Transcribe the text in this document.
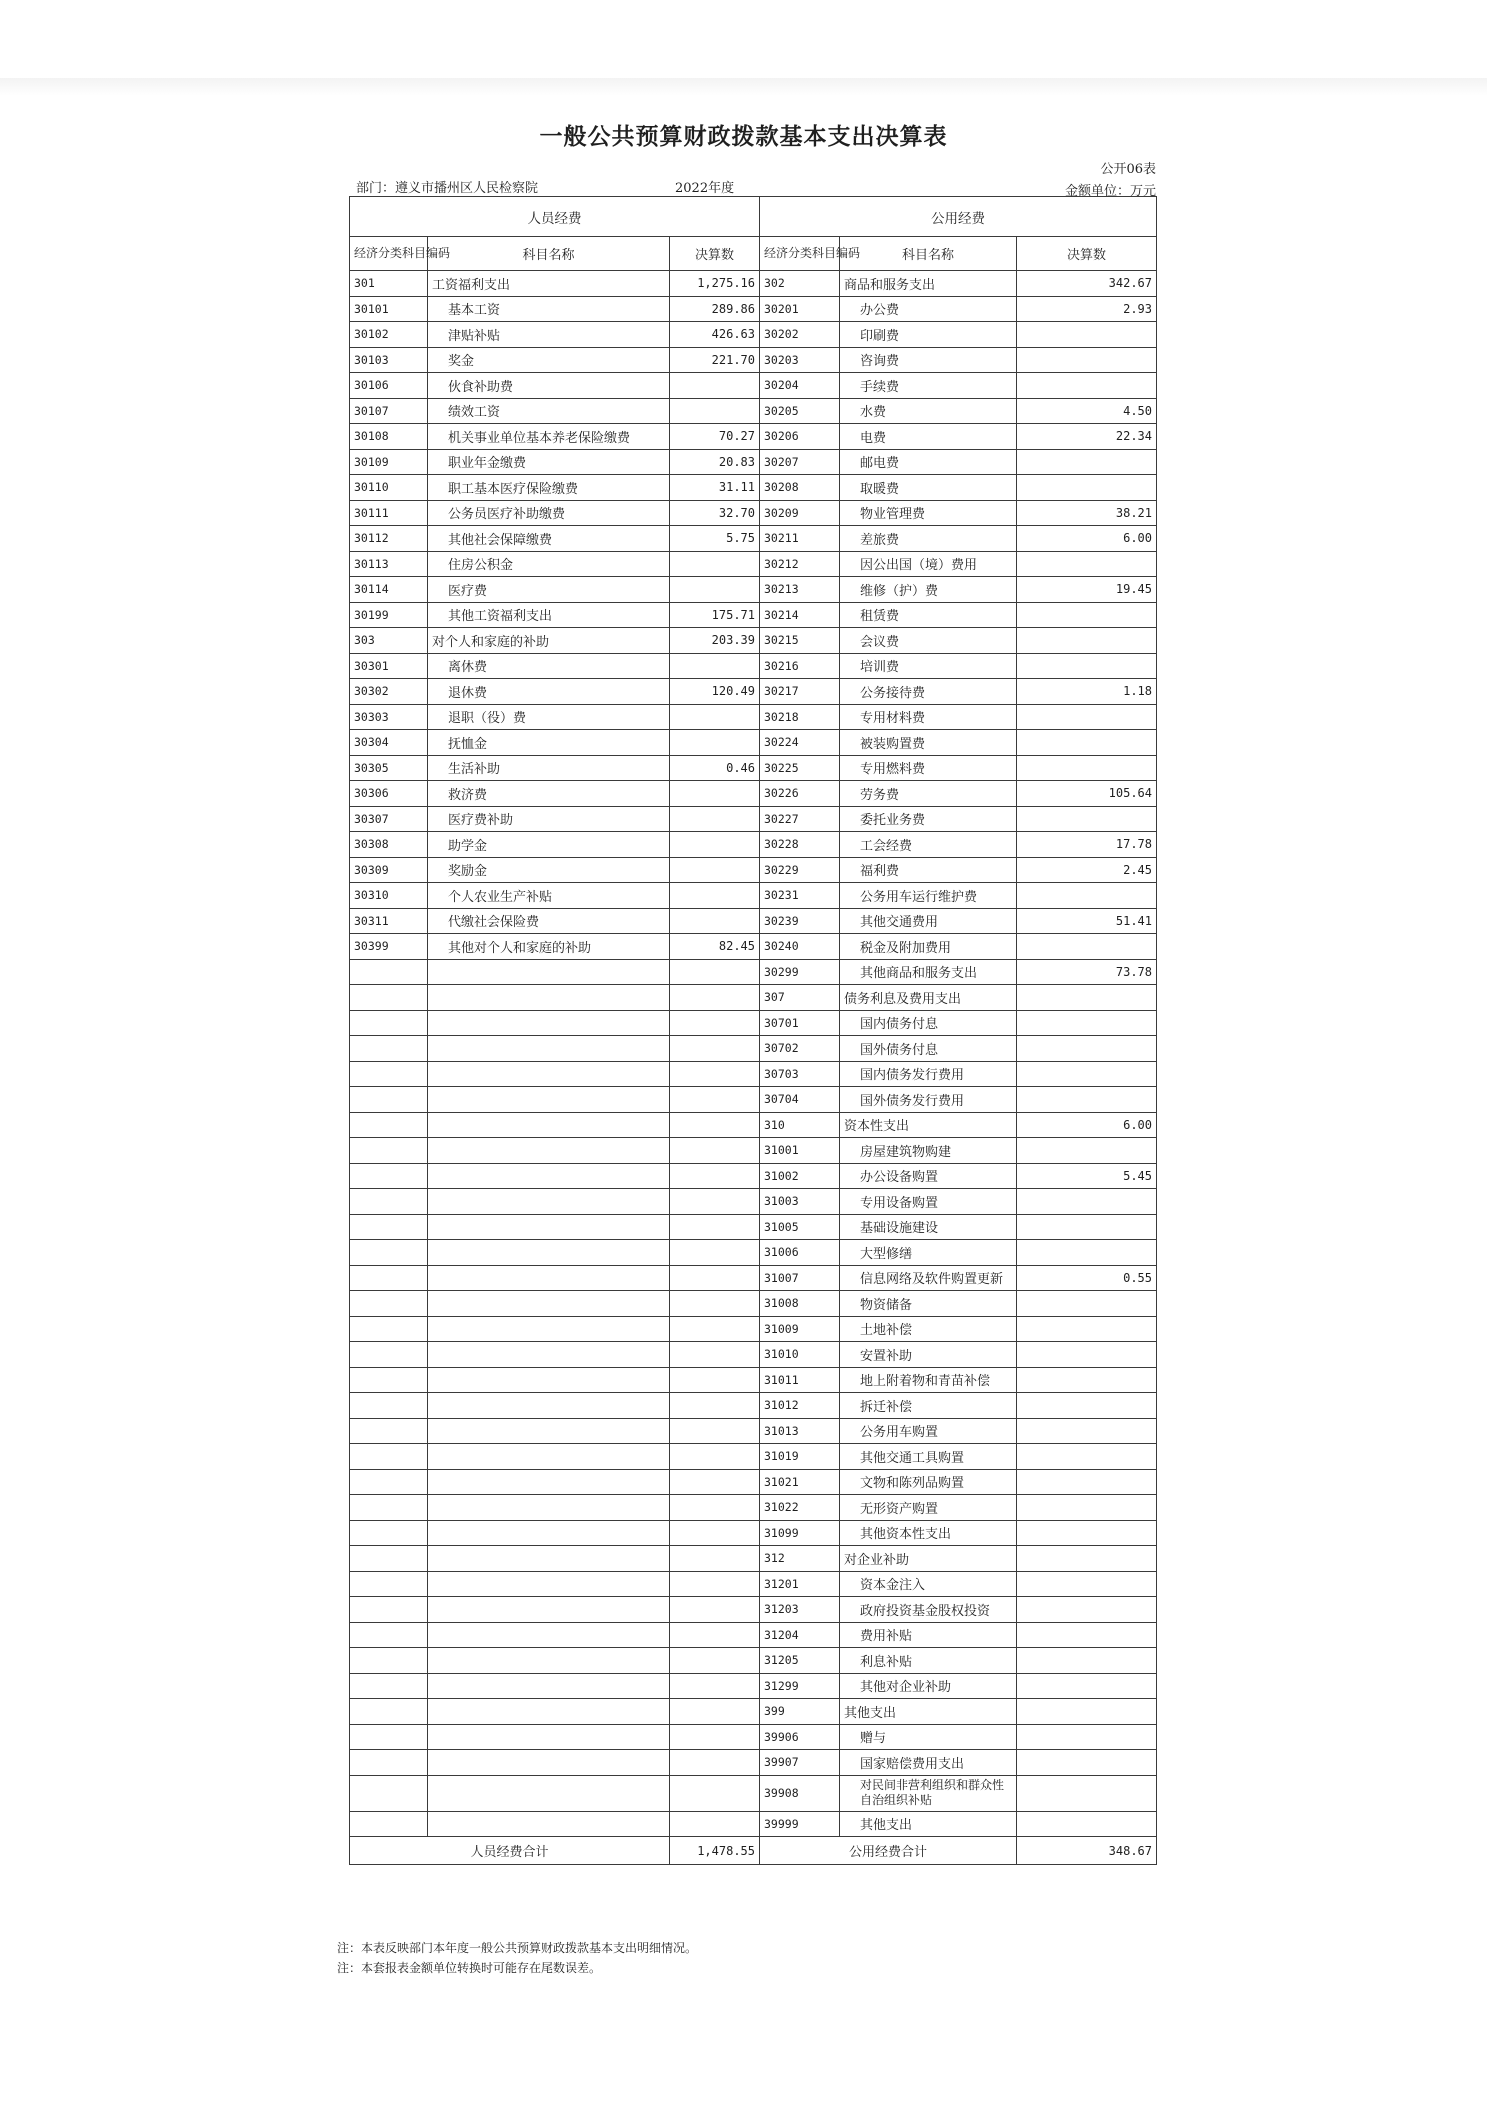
一般公共预算财政拨款基本支出决算表
公开06表
部门：遵义市播州区人民检察院	2022年度	金额单位：万元
人员经费			公用经费		
经济分类科目编码	科目名称	决算数	经济分类科目编码	科目名称	决算数
301	工资福利支出	1,275.16	302	商品和服务支出	342.67
30101	基本工资	289.86	30201	办公费	2.93
30102	津贴补贴	426.63	30202	印刷费	
30103	奖金	221.70	30203	咨询费	
30106	伙食补助费		30204	手续费	
30107	绩效工资		30205	水费	4.50
30108	机关事业单位基本养老保险缴费	70.27	30206	电费	22.34
30109	职业年金缴费	20.83	30207	邮电费	
30110	职工基本医疗保险缴费	31.11	30208	取暖费	
30111	公务员医疗补助缴费	32.70	30209	物业管理费	38.21
30112	其他社会保障缴费	5.75	30211	差旅费	6.00
30113	住房公积金		30212	因公出国（境）费用	
30114	医疗费		30213	维修（护）费	19.45
30199	其他工资福利支出	175.71	30214	租赁费	
303	对个人和家庭的补助	203.39	30215	会议费	
30301	离休费		30216	培训费	
30302	退休费	120.49	30217	公务接待费	1.18
30303	退职（役）费		30218	专用材料费	
30304	抚恤金		30224	被装购置费	
30305	生活补助	0.46	30225	专用燃料费	
30306	救济费		30226	劳务费	105.64
30307	医疗费补助		30227	委托业务费	
30308	助学金		30228	工会经费	17.78
30309	奖励金		30229	福利费	2.45
30310	个人农业生产补贴		30231	公务用车运行维护费	
30311	代缴社会保险费		30239	其他交通费用	51.41
30399	其他对个人和家庭的补助	82.45	30240	税金及附加费用	
			30299	其他商品和服务支出	73.78
			307	债务利息及费用支出	
			30701	国内债务付息	
			30702	国外债务付息	
			30703	国内债务发行费用	
			30704	国外债务发行费用	
			310	资本性支出	6.00
			31001	房屋建筑物购建	
			31002	办公设备购置	5.45
			31003	专用设备购置	
			31005	基础设施建设	
			31006	大型修缮	
			31007	信息网络及软件购置更新	0.55
			31008	物资储备	
			31009	土地补偿	
			31010	安置补助	
			31011	地上附着物和青苗补偿	
			31012	拆迁补偿	
			31013	公务用车购置	
			31019	其他交通工具购置	
			31021	文物和陈列品购置	
			31022	无形资产购置	
			31099	其他资本性支出	
			312	对企业补助	
			31201	资本金注入	
			31203	政府投资基金股权投资	
			31204	费用补贴	
			31205	利息补贴	
			31299	其他对企业补助	
			399	其他支出	
			39906	赠与	
			39907	国家赔偿费用支出	
			39908	对民间非营利组织和群众性自治组织补贴	
			39999	其他支出	
人员经费合计		1,478.55	公用经费合计		348.67
注：本表反映部门本年度一般公共预算财政拨款基本支出明细情况。
注：本套报表金额单位转换时可能存在尾数误差。
